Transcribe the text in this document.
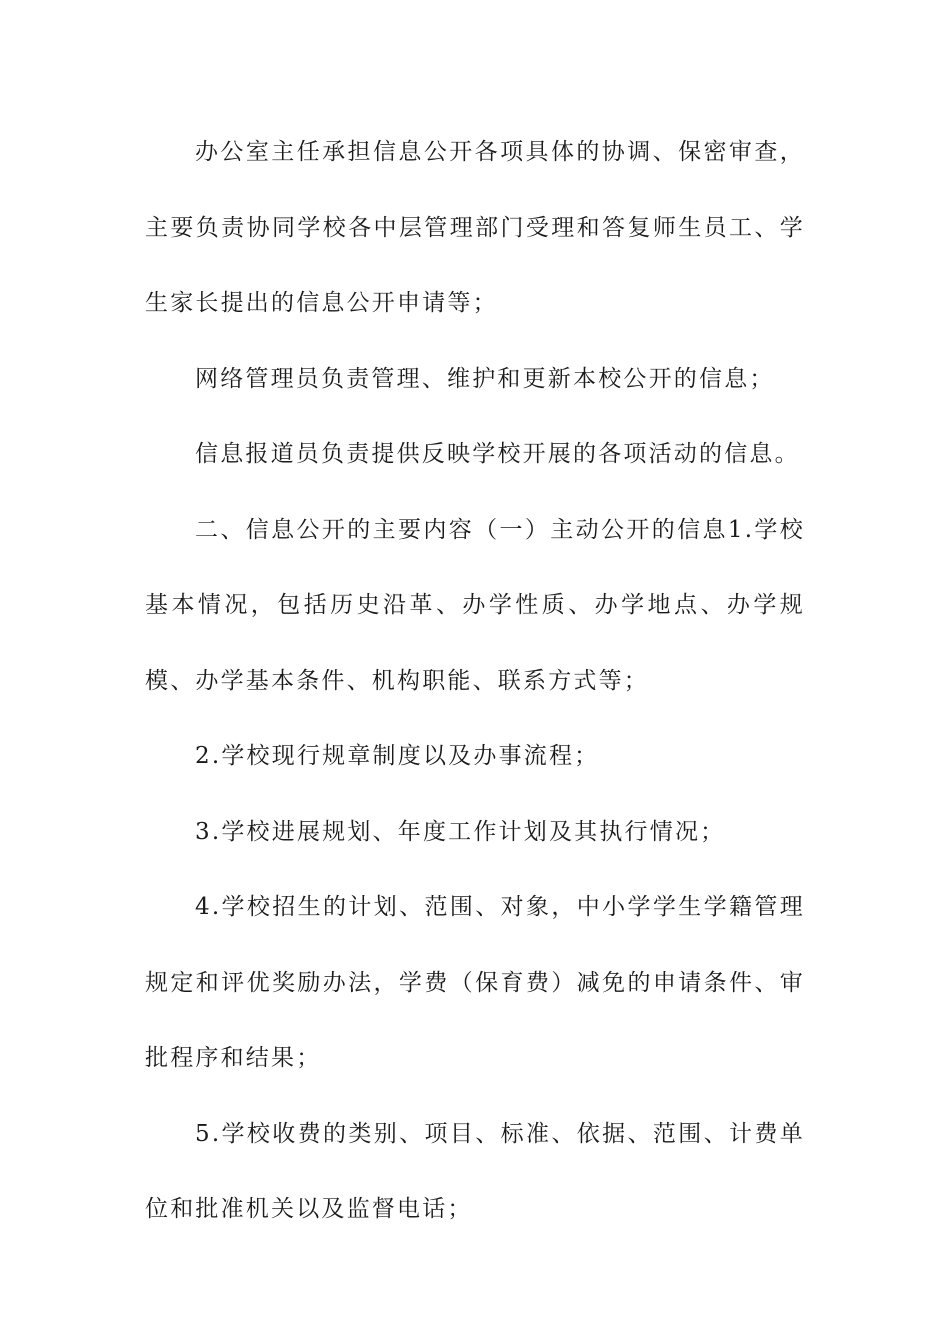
办公室主任承担信息公开各项具体的协调、保密审查，主要负责协同学校各中层管理部门受理和答复师生员工、学生家长提出的信息公开申请等；

网络管理员负责管理、维护和更新本校公开的信息；

信息报道员负责提供反映学校开展的各项活动的信息。

二、信息公开的主要内容（一）主动公开的信息1.学校基本情况，包括历史沿革、办学性质、办学地点、办学规模、办学基本条件、机构职能、联系方式等；

2.学校现行规章制度以及办事流程；

3.学校进展规划、年度工作计划及其执行情况；

4.学校招生的计划、范围、对象，中小学学生学籍管理规定和评优奖励办法，学费（保育费）减免的申请条件、审批程序和结果；

5.学校收费的类别、项目、标准、依据、范围、计费单位和批准机关以及监督电话；
